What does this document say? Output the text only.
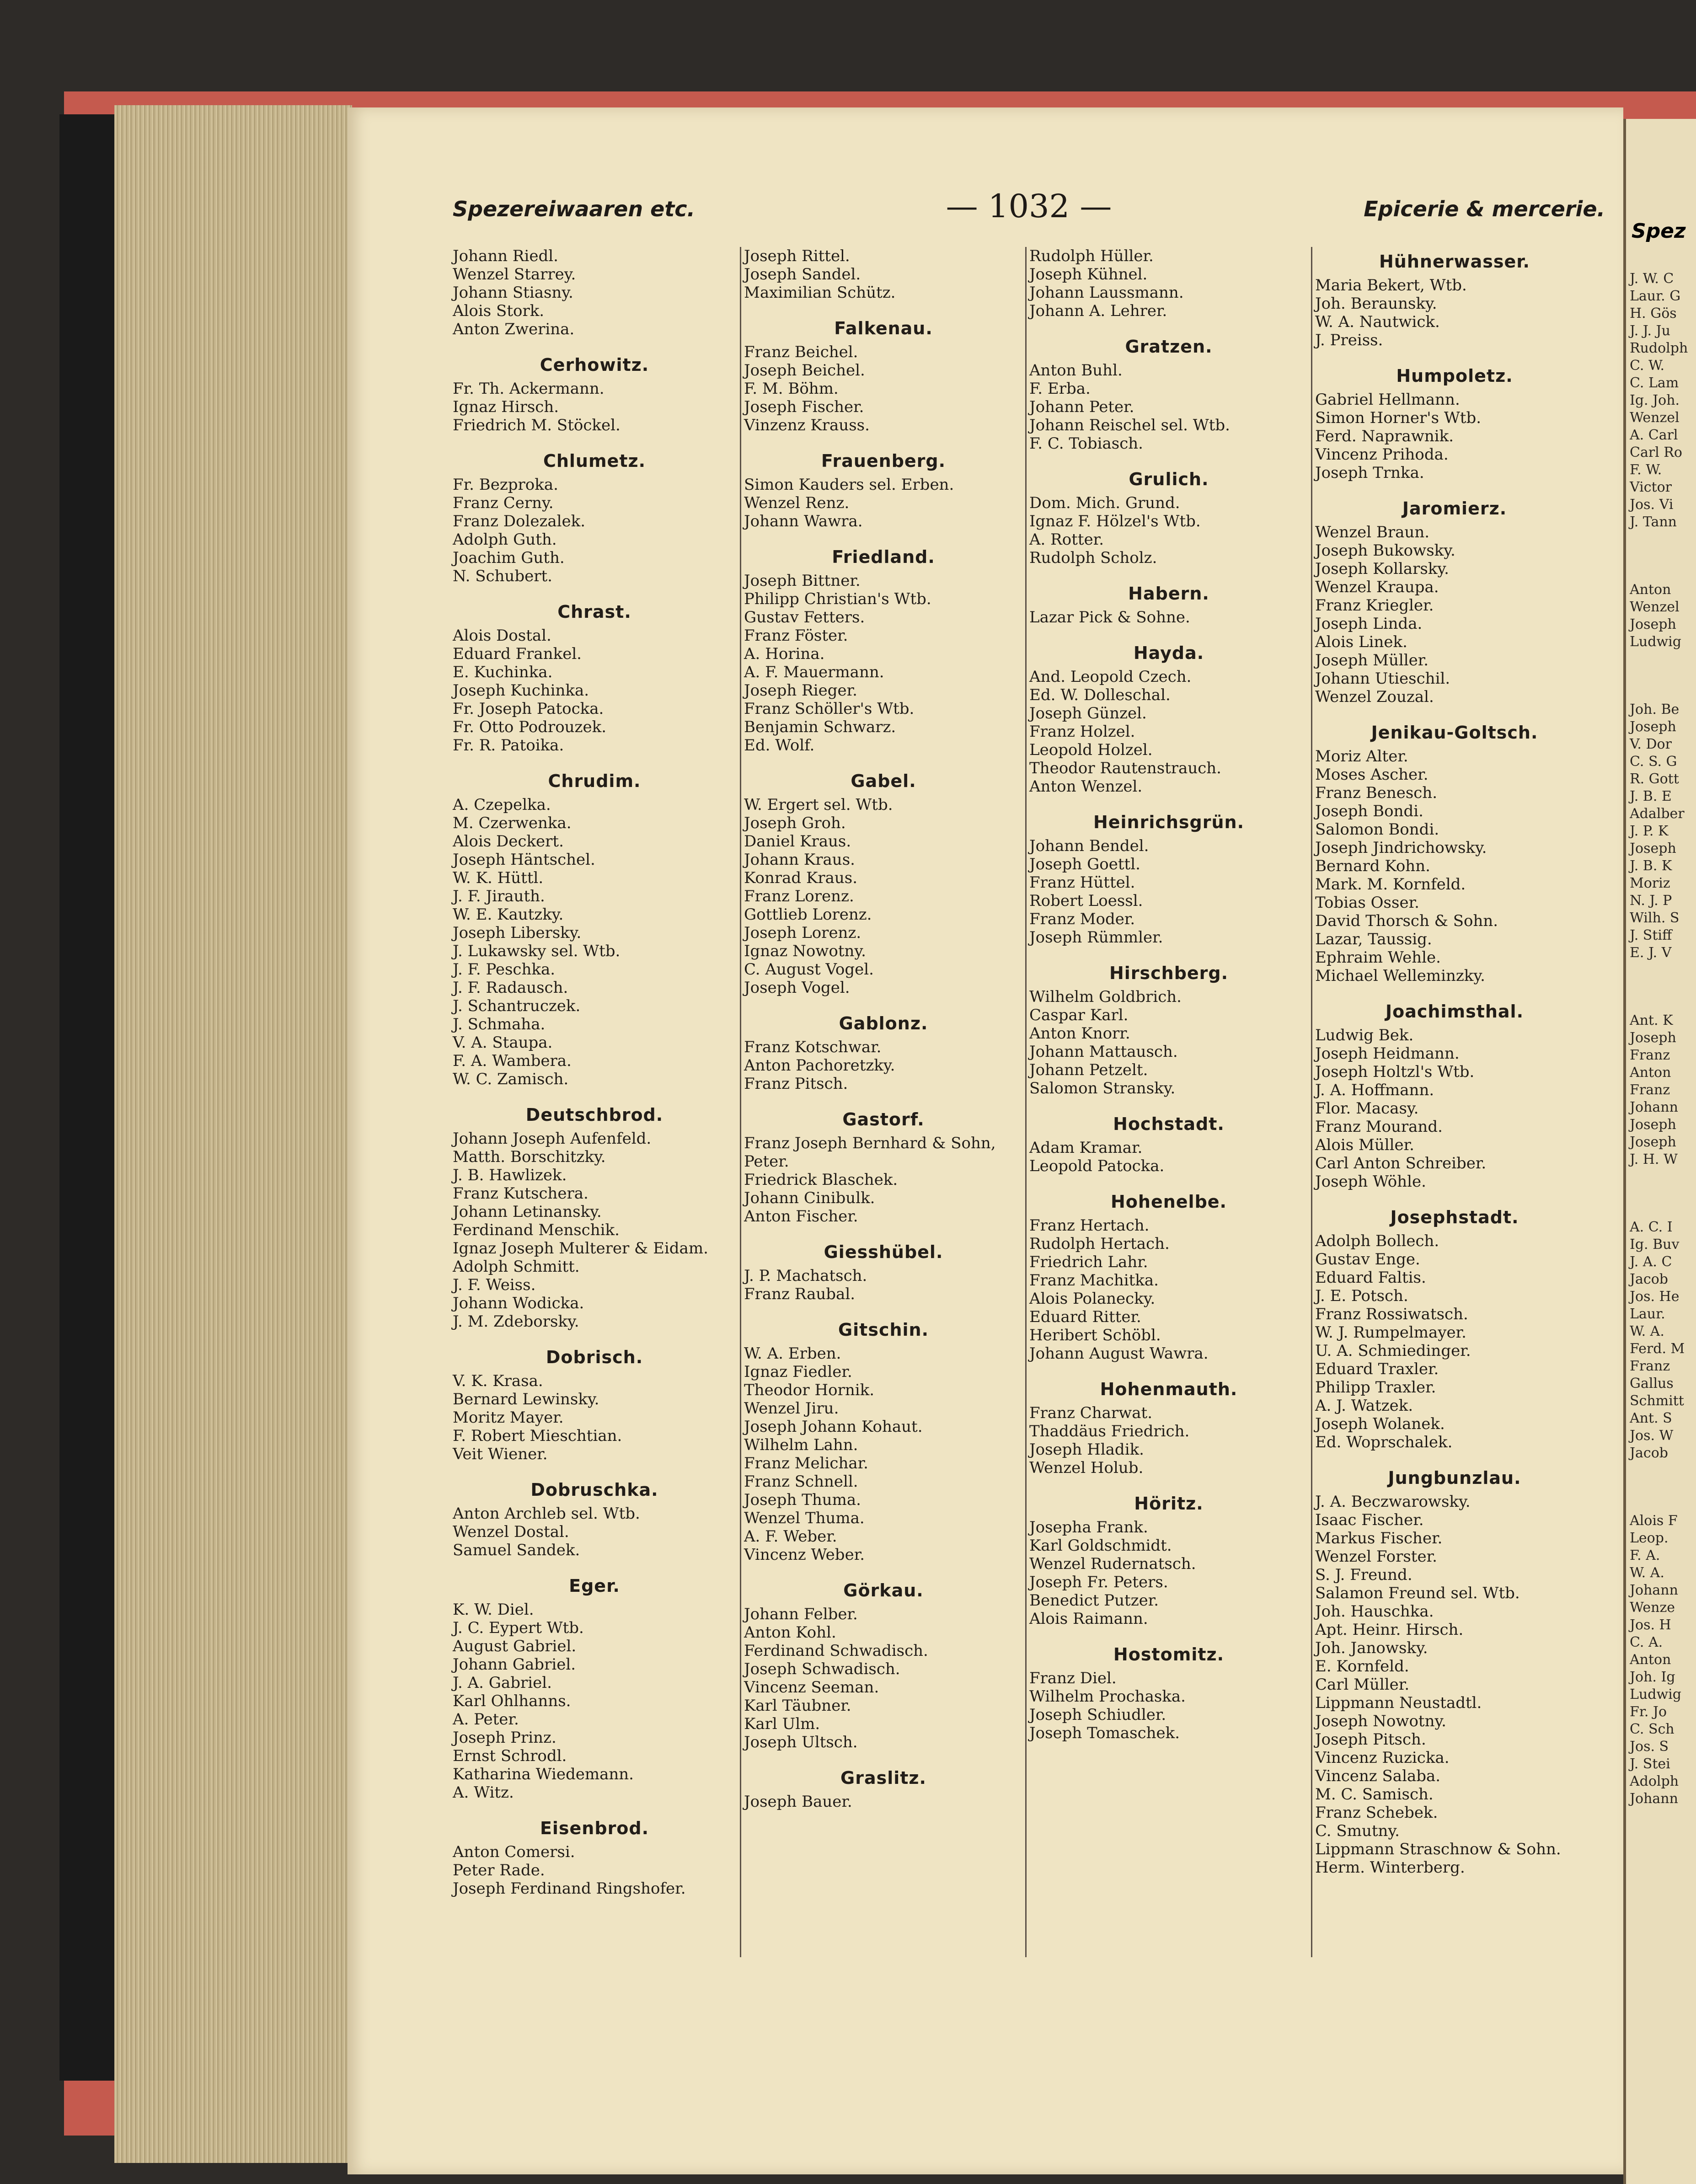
Spezereiwaaren etc.	— 1032 —	Epicerie & mercerie.
Johann Riedl.
Wenzel Starrey.
Johann Stiasny.
Alois Stork.
Anton Zwerina.
Cerhowitz.
Fr. Th. Ackermann.
Ignaz Hirsch.
Friedrich M. Stöckel.
Chlumetz.
Fr. Bezproka.
Franz Cerny.
Franz Dolezalek.
Adolph Guth.
Joachim Guth.
N. Schubert.
Chrast.
Alois Dostal.
Eduard Frankel.
E. Kuchinka.
Joseph Kuchinka.
Fr. Joseph Patocka.
Fr. Otto Podrouzek.
Fr. R. Patoika.
Chrudim.
A. Czepelka.
M. Czerwenka.
Alois Deckert.
Joseph Häntschel.
W. K. Hüttl.
J. F. Jirauth.
W. E. Kautzky.
Joseph Libersky.
J. Lukawsky sel. Wtb.
J. F. Peschka.
J. F. Radausch.
J. Schantruczek.
J. Schmaha.
V. A. Staupa.
F. A. Wambera.
W. C. Zamisch.
Deutschbrod.
Johann Joseph Aufenfeld.
Matth. Borschitzky.
J. B. Hawlizek.
Franz Kutschera.
Johann Letinansky.
Ferdinand Menschik.
Ignaz Joseph Multerer & Eidam.
Adolph Schmitt.
J. F. Weiss.
Johann Wodicka.
J. M. Zdeborsky.
Dobrisch.
V. K. Krasa.
Bernard Lewinsky.
Moritz Mayer.
F. Robert Mieschtian.
Veit Wiener.
Dobruschka.
Anton Archleb sel. Wtb.
Wenzel Dostal.
Samuel Sandek.
Eger.
K. W. Diel.
J. C. Eypert Wtb.
August Gabriel.
Johann Gabriel.
J. A. Gabriel.
Karl Ohlhanns.
A. Peter.
Joseph Prinz.
Ernst Schrodl.
Katharina Wiedemann.
A. Witz.
Eisenbrod.
Anton Comersi.
Peter Rade.
Joseph Ferdinand Ringshofer.
Joseph Rittel.
Joseph Sandel.
Maximilian Schütz.
Falkenau.
Franz Beichel.
Joseph Beichel.
F. M. Böhm.
Joseph Fischer.
Vinzenz Krauss.
Frauenberg.
Simon Kauders sel. Erben.
Wenzel Renz.
Johann Wawra.
Friedland.
Joseph Bittner.
Philipp Christian's Wtb.
Gustav Fetters.
Franz Föster.
A. Horina.
A. F. Mauermann.
Joseph Rieger.
Franz Schöller's Wtb.
Benjamin Schwarz.
Ed. Wolf.
Gabel.
W. Ergert sel. Wtb.
Joseph Groh.
Daniel Kraus.
Johann Kraus.
Konrad Kraus.
Franz Lorenz.
Gottlieb Lorenz.
Joseph Lorenz.
Ignaz Nowotny.
C. August Vogel.
Joseph Vogel.
Gablonz.
Franz Kotschwar.
Anton Pachoretzky.
Franz Pitsch.
Gastorf.
Franz Joseph Bernhard & Sohn,
Peter.
Friedrick Blaschek.
Johann Cinibulk.
Anton Fischer.
Giesshübel.
J. P. Machatsch.
Franz Raubal.
Gitschin.
W. A. Erben.
Ignaz Fiedler.
Theodor Hornik.
Wenzel Jiru.
Joseph Johann Kohaut.
Wilhelm Lahn.
Franz Melichar.
Franz Schnell.
Joseph Thuma.
Wenzel Thuma.
A. F. Weber.
Vincenz Weber.
Görkau.
Johann Felber.
Anton Kohl.
Ferdinand Schwadisch.
Joseph Schwadisch.
Vincenz Seeman.
Karl Täubner.
Karl Ulm.
Joseph Ultsch.
Graslitz.
Joseph Bauer.
Rudolph Hüller.
Joseph Kühnel.
Johann Laussmann.
Johann A. Lehrer.
Gratzen.
Anton Buhl.
F. Erba.
Johann Peter.
Johann Reischel sel. Wtb.
F. C. Tobiasch.
Grulich.
Dom. Mich. Grund.
Ignaz F. Hölzel's Wtb.
A. Rotter.
Rudolph Scholz.
Habern.
Lazar Pick & Sohne.
Hayda.
And. Leopold Czech.
Ed. W. Dolleschal.
Joseph Günzel.
Franz Holzel.
Leopold Holzel.
Theodor Rautenstrauch.
Anton Wenzel.
Heinrichsgrün.
Johann Bendel.
Joseph Goettl.
Franz Hüttel.
Robert Loessl.
Franz Moder.
Joseph Rümmler.
Hirschberg.
Wilhelm Goldbrich.
Caspar Karl.
Anton Knorr.
Johann Mattausch.
Johann Petzelt.
Salomon Stransky.
Hochstadt.
Adam Kramar.
Leopold Patocka.
Hohenelbe.
Franz Hertach.
Rudolph Hertach.
Friedrich Lahr.
Franz Machitka.
Alois Polanecky.
Eduard Ritter.
Heribert Schöbl.
Johann August Wawra.
Hohenmauth.
Franz Charwat.
Thaddäus Friedrich.
Joseph Hladik.
Wenzel Holub.
Höritz.
Josepha Frank.
Karl Goldschmidt.
Wenzel Rudernatsch.
Joseph Fr. Peters.
Benedict Putzer.
Alois Raimann.
Hostomitz.
Franz Diel.
Wilhelm Prochaska.
Joseph Schiudler.
Joseph Tomaschek.
Hühnerwasser.
Maria Bekert, Wtb.
Joh. Beraunsky.
W. A. Nautwick.
J. Preiss.
Humpoletz.
Gabriel Hellmann.
Simon Horner's Wtb.
Ferd. Naprawnik.
Vincenz Prihoda.
Joseph Trnka.
Jaromierz.
Wenzel Braun.
Joseph Bukowsky.
Joseph Kollarsky.
Wenzel Kraupa.
Franz Kriegler.
Joseph Linda.
Alois Linek.
Joseph Müller.
Johann Utieschil.
Wenzel Zouzal.
Jenikau-Goltsch.
Moriz Alter.
Moses Ascher.
Franz Benesch.
Joseph Bondi.
Salomon Bondi.
Joseph Jindrichowsky.
Bernard Kohn.
Mark. M. Kornfeld.
Tobias Osser.
David Thorsch & Sohn.
Lazar, Taussig.
Ephraim Wehle.
Michael Welleminzky.
Joachimsthal.
Ludwig Bek.
Joseph Heidmann.
Joseph Holtzl's Wtb.
J. A. Hoffmann.
Flor. Macasy.
Franz Mourand.
Alois Müller.
Carl Anton Schreiber.
Joseph Wöhle.
Josephstadt.
Adolph Bollech.
Gustav Enge.
Eduard Faltis.
J. E. Potsch.
Franz Rossiwatsch.
W. J. Rumpelmayer.
U. A. Schmiedinger.
Eduard Traxler.
Philipp Traxler.
A. J. Watzek.
Joseph Wolanek.
Ed. Woprschalek.
Jungbunzlau.
J. A. Beczwarowsky.
Isaac Fischer.
Markus Fischer.
Wenzel Forster.
S. J. Freund.
Salamon Freund sel. Wtb.
Joh. Hauschka.
Apt. Heinr. Hirsch.
Joh. Janowsky.
E. Kornfeld.
Carl Müller.
Lippmann Neustadtl.
Joseph Nowotny.
Joseph Pitsch.
Vincenz Ruzicka.
Vincenz Salaba.
M. C. Samisch.
Franz Schebek.
C. Smutny.
Lippmann Straschnow & Sohn.
Herm. Winterberg.
Spez
J. W. C
Laur. G
H. Gös
J. J. Ju
Rudolph
C. W.
C. Lam
Ig. Joh.
Wenzel
A. Carl
Carl Ro
F. W.
Victor
Jos. Vi
J. Tann
Anton
Wenzel
Joseph
Ludwig
Joh. Be
Joseph
V. Dor
C. S. G
R. Gott
J. B. E
Adalber
J. P. K
Joseph
J. B. K
Moriz
N. J. P
Wilh. S
J. Stiff
E. J. V
Ant. K
Joseph
Franz
Anton
Franz
Johann
Joseph
Joseph
J. H. W
A. C. I
Ig. Buv
J. A. C
Jacob
Jos. He
Laur.
W. A.
Ferd. M
Franz
Gallus
Schmitt
Ant. S
Jos. W
Jacob
Alois F
Leop.
F. A.
W. A.
Johann
Wenze
Jos. H
C. A.
Anton
Joh. Ig
Ludwig
Fr. Jo
C. Sch
Jos. S
J. Stei
Adolph
Johann
